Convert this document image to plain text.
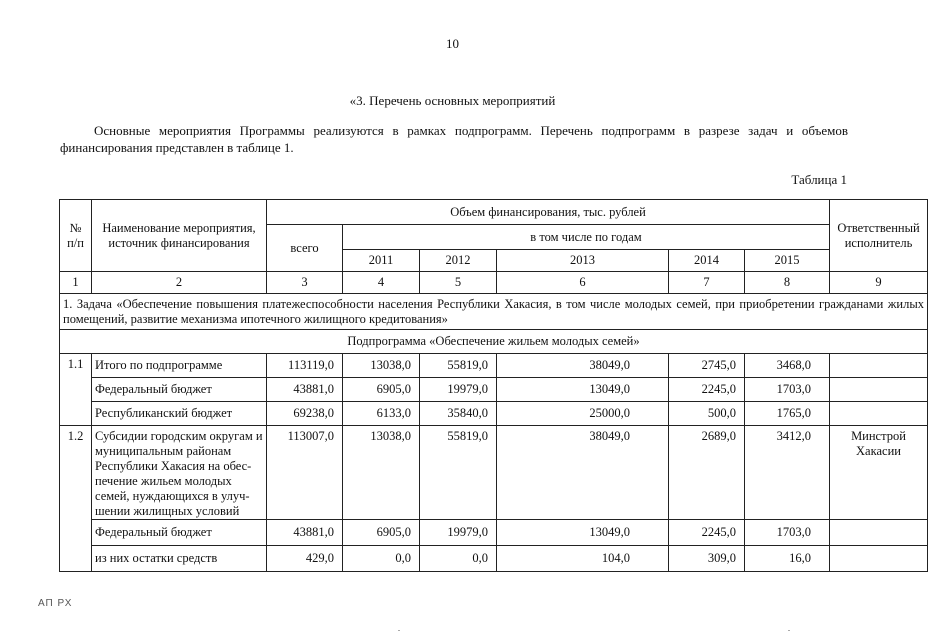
10
«3. Перечень основных мероприятий
Основные мероприятия Программы реализуются в рамках подпрограмм. Перечень подпрограмм в разрезе задач и объемов финансирования представлен в таблице 1.
Таблица 1
№ п/п	Наименование мероприятия, источник финансирования	Объем финансирования, тыс. рублей						Ответственный исполнитель
		всего	в том числе по годам					
			2011	2012	2013	2014	2015	
1	2	3	4	5	6	7	8	9
1. Задача «Обеспечение повышения платежеспособности населения Республики Хакасия, в том числе молодых семей, при приобретении гражданами жилых помещений, развитие механизма ипотечного жилищного кредитования»								
Подпрограмма «Обеспечение жильем молодых семей»								
1.1	Итого по подпрограмме	113119,0	13038,0	55819,0	38049,0	2745,0	3468,0	
	Федеральный бюджет	43881,0	6905,0	19979,0	13049,0	2245,0	1703,0	
	Республиканский бюджет	69238,0	6133,0	35840,0	25000,0	500,0	1765,0	
1.2	Субсидии городским округам и муниципальным районам Республики Хакасия на обес-печение жильем молодых семей, нуждающихся в улуч-шении жилищных условий	113007,0	13038,0	55819,0	38049,0	2689,0	3412,0	Минстрой Хакасии
	Федеральный бюджет	43881,0	6905,0	19979,0	13049,0	2245,0	1703,0	
	из них остатки средств	429,0	0,0	0,0	104,0	309,0	16,0	
АП РХ
